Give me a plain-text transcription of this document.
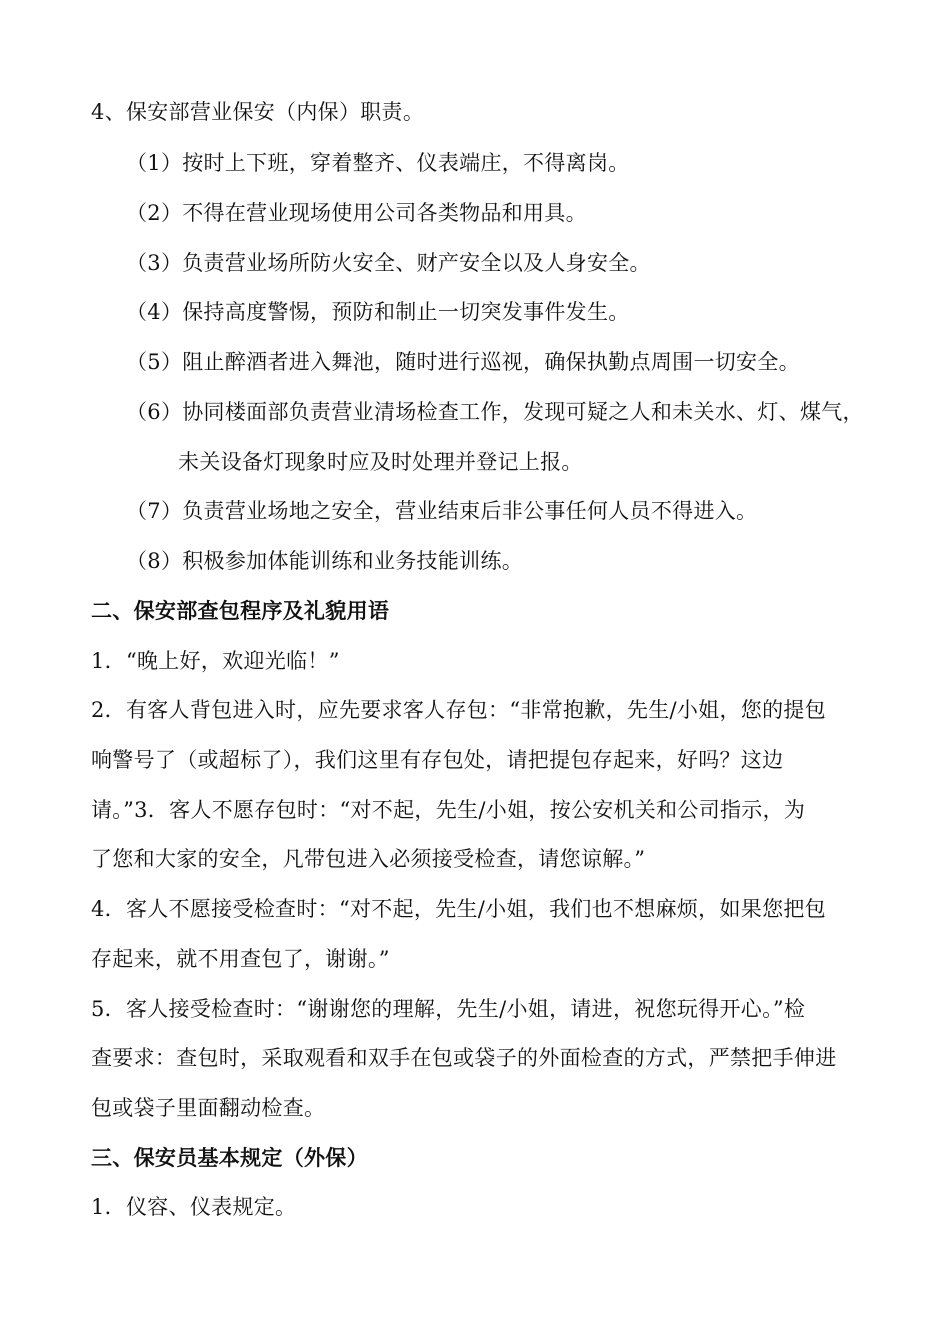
4、保安部营业保安（内保）职责。
（1）按时上下班，穿着整齐、仪表端庄，不得离岗。
（2）不得在营业现场使用公司各类物品和用具。
（3）负责营业场所防火安全、财产安全以及人身安全。
（4）保持高度警惕，预防和制止一切突发事件发生。
（5）阻止醉酒者进入舞池，随时进行巡视，确保执勤点周围一切安全。
（6）协同楼面部负责营业清场检查工作，发现可疑之人和未关水、灯、煤气，
未关设备灯现象时应及时处理并登记上报。
（7）负责营业场地之安全，营业结束后非公事任何人员不得进入。
（8）积极参加体能训练和业务技能训练。
二、保安部查包程序及礼貌用语
1．“晚上好，欢迎光临！”
2．有客人背包进入时，应先要求客人存包：“非常抱歉，先生/小姐，您的提包
响警号了（或超标了），我们这里有存包处，请把提包存起来，好吗？这边
请。”3．客人不愿存包时：“对不起，先生/小姐，按公安机关和公司指示，为
了您和大家的安全，凡带包进入必须接受检查，请您谅解。”
4．客人不愿接受检查时：“对不起，先生/小姐，我们也不想麻烦，如果您把包
存起来，就不用查包了，谢谢。”
5．客人接受检查时：“谢谢您的理解，先生/小姐，请进，祝您玩得开心。”检
查要求：查包时，采取观看和双手在包或袋子的外面检查的方式，严禁把手伸进
包或袋子里面翻动检查。
三、保安员基本规定（外保）
1．仪容、仪表规定。
